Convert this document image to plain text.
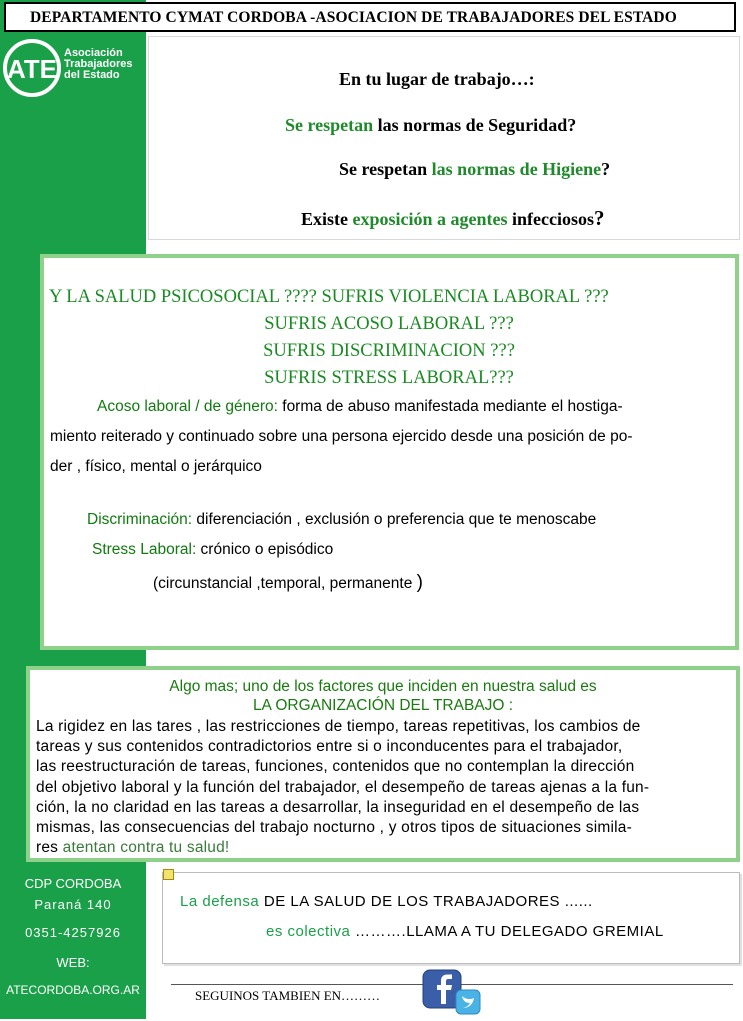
DEPARTAMENTO CYMAT CORDOBA -ASOCIACION DE TRABAJADORES DEL ESTADO
ATE
Asociación
Trabajadores
del Estado	En tu lugar de trabajo…:
Se respetan las normas de Seguridad?
Se respetan las normas de Higiene?
Existe exposición a agentes infecciosos?
Y LA SALUD PSICOSOCIAL ???? SUFRIS VIOLENCIA LABORAL ???
SUFRIS ACOSO LABORAL ???
SUFRIS DISCRIMINACION ???
SUFRIS STRESS LABORAL???
Acoso laboral / de género: forma de abuso manifestada mediante el hostiga-
miento reiterado y continuado sobre una persona ejercido desde una posición de po-
der , físico, mental o jerárquico
Discriminación: diferenciación , exclusión o preferencia que te menoscabe
Stress Laboral: crónico o episódico
(circunstancial ,temporal, permanente )
Algo mas; uno de los factores que inciden en nuestra salud es
LA ORGANIZACIÓN DEL TRABAJO :
La rigidez en las tares , las restricciones de tiempo, tareas repetitivas, los cambios de
tareas y sus contenidos contradictorios entre si o inconducentes para el trabajador,
las reestructuración de tareas, funciones, contenidos que no contemplan la dirección
del objetivo laboral y la función del trabajador, el desempeño de tareas ajenas a la fun-
ción, la no claridad en las tareas a desarrollar, la inseguridad en el desempeño de las
mismas, las consecuencias del trabajo nocturno , y otros tipos de situaciones simila-
res atentan contra tu salud!
CDP CORDOBA
Paraná 140
0351-4257926
WEB:
ATECORDOBA.ORG.AR
La defensa DE LA SALUD DE LOS TRABAJADORES ......
es colectiva ……….LLAMA A TU DELEGADO GREMIAL
SEGUINOS TAMBIEN EN………
